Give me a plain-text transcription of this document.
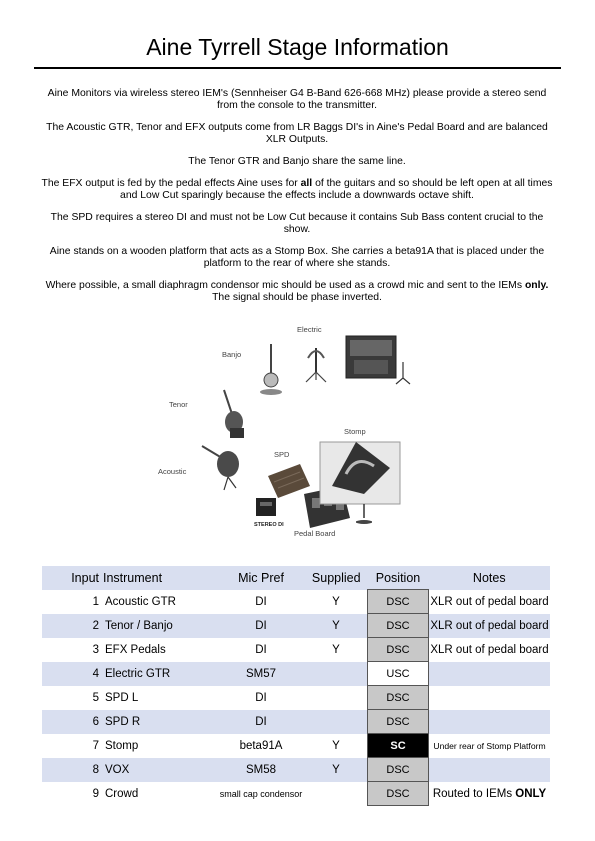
Aine Tyrrell Stage Information

Aine Monitors via wireless stereo IEM's (Sennheiser G4 B-Band 626-668 MHz) please provide a stereo send from the console to the transmitter.

The Acoustic GTR, Tenor and EFX outputs come from LR Baggs DI's in Aine's Pedal Board and are balanced XLR Outputs.

The Tenor GTR and Banjo share the same line.

The EFX output is fed by the pedal effects Aine uses for all of the guitars and so should be left open at all times and Low Cut sparingly because the effects include a downwards octave shift.

The SPD requires a stereo DI and must not be Low Cut because it contains Sub Bass content crucial to the show.

Aine stands on a wooden platform that acts as a Stomp Box. She carries a beta91A that is placed under the platform to the rear of where she stands.

Where possible, a small diaphragm condensor mic should be used as a crowd mic and sent to the IEMs only. The signal should be phase inverted.

Electric
Banjo
Tenor
Acoustic
SPD
Stomp
STEREO DI
Pedal Board
Input	Instrument	Mic Pref	Supplied	Position	Notes
1	Acoustic GTR	DI	Y	DSC	XLR out of pedal board
2	Tenor / Banjo	DI	Y	DSC	XLR out of pedal board
3	EFX Pedals	DI	Y	DSC	XLR out of pedal board
4	Electric GTR	SM57		USC	
5	SPD L	DI		DSC	
6	SPD R	DI		DSC	
7	Stomp	beta91A	Y	SC	Under rear of Stomp Platform
8	VOX	SM58	Y	DSC	
9	Crowd	small cap condensor		DSC	Routed to IEMs ONLY
